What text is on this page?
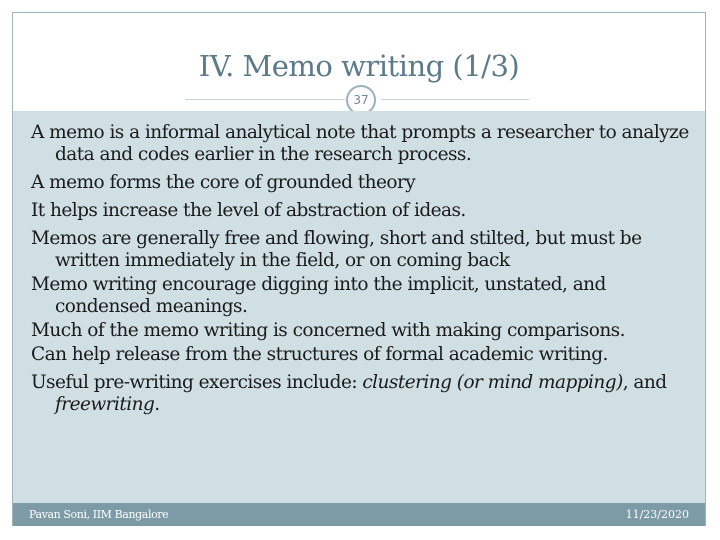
IV. Memo writing (1/3)
37
A memo is a informal analytical note that prompts a researcher to analyze data and codes earlier in the research process.
A memo forms the core of grounded theory
It helps increase the level of abstraction of ideas.
Memos are generally free and flowing, short and stilted, but must be written immediately in the field, or on coming back
Memo writing encourage digging into the implicit, unstated, and condensed meanings.
Much of the memo writing is concerned with making comparisons.
Can help release from the structures of formal academic writing.
Useful pre-writing exercises include: clustering (or mind mapping), and freewriting.
Pavan Soni, IIM Bangalore	11/23/2020
